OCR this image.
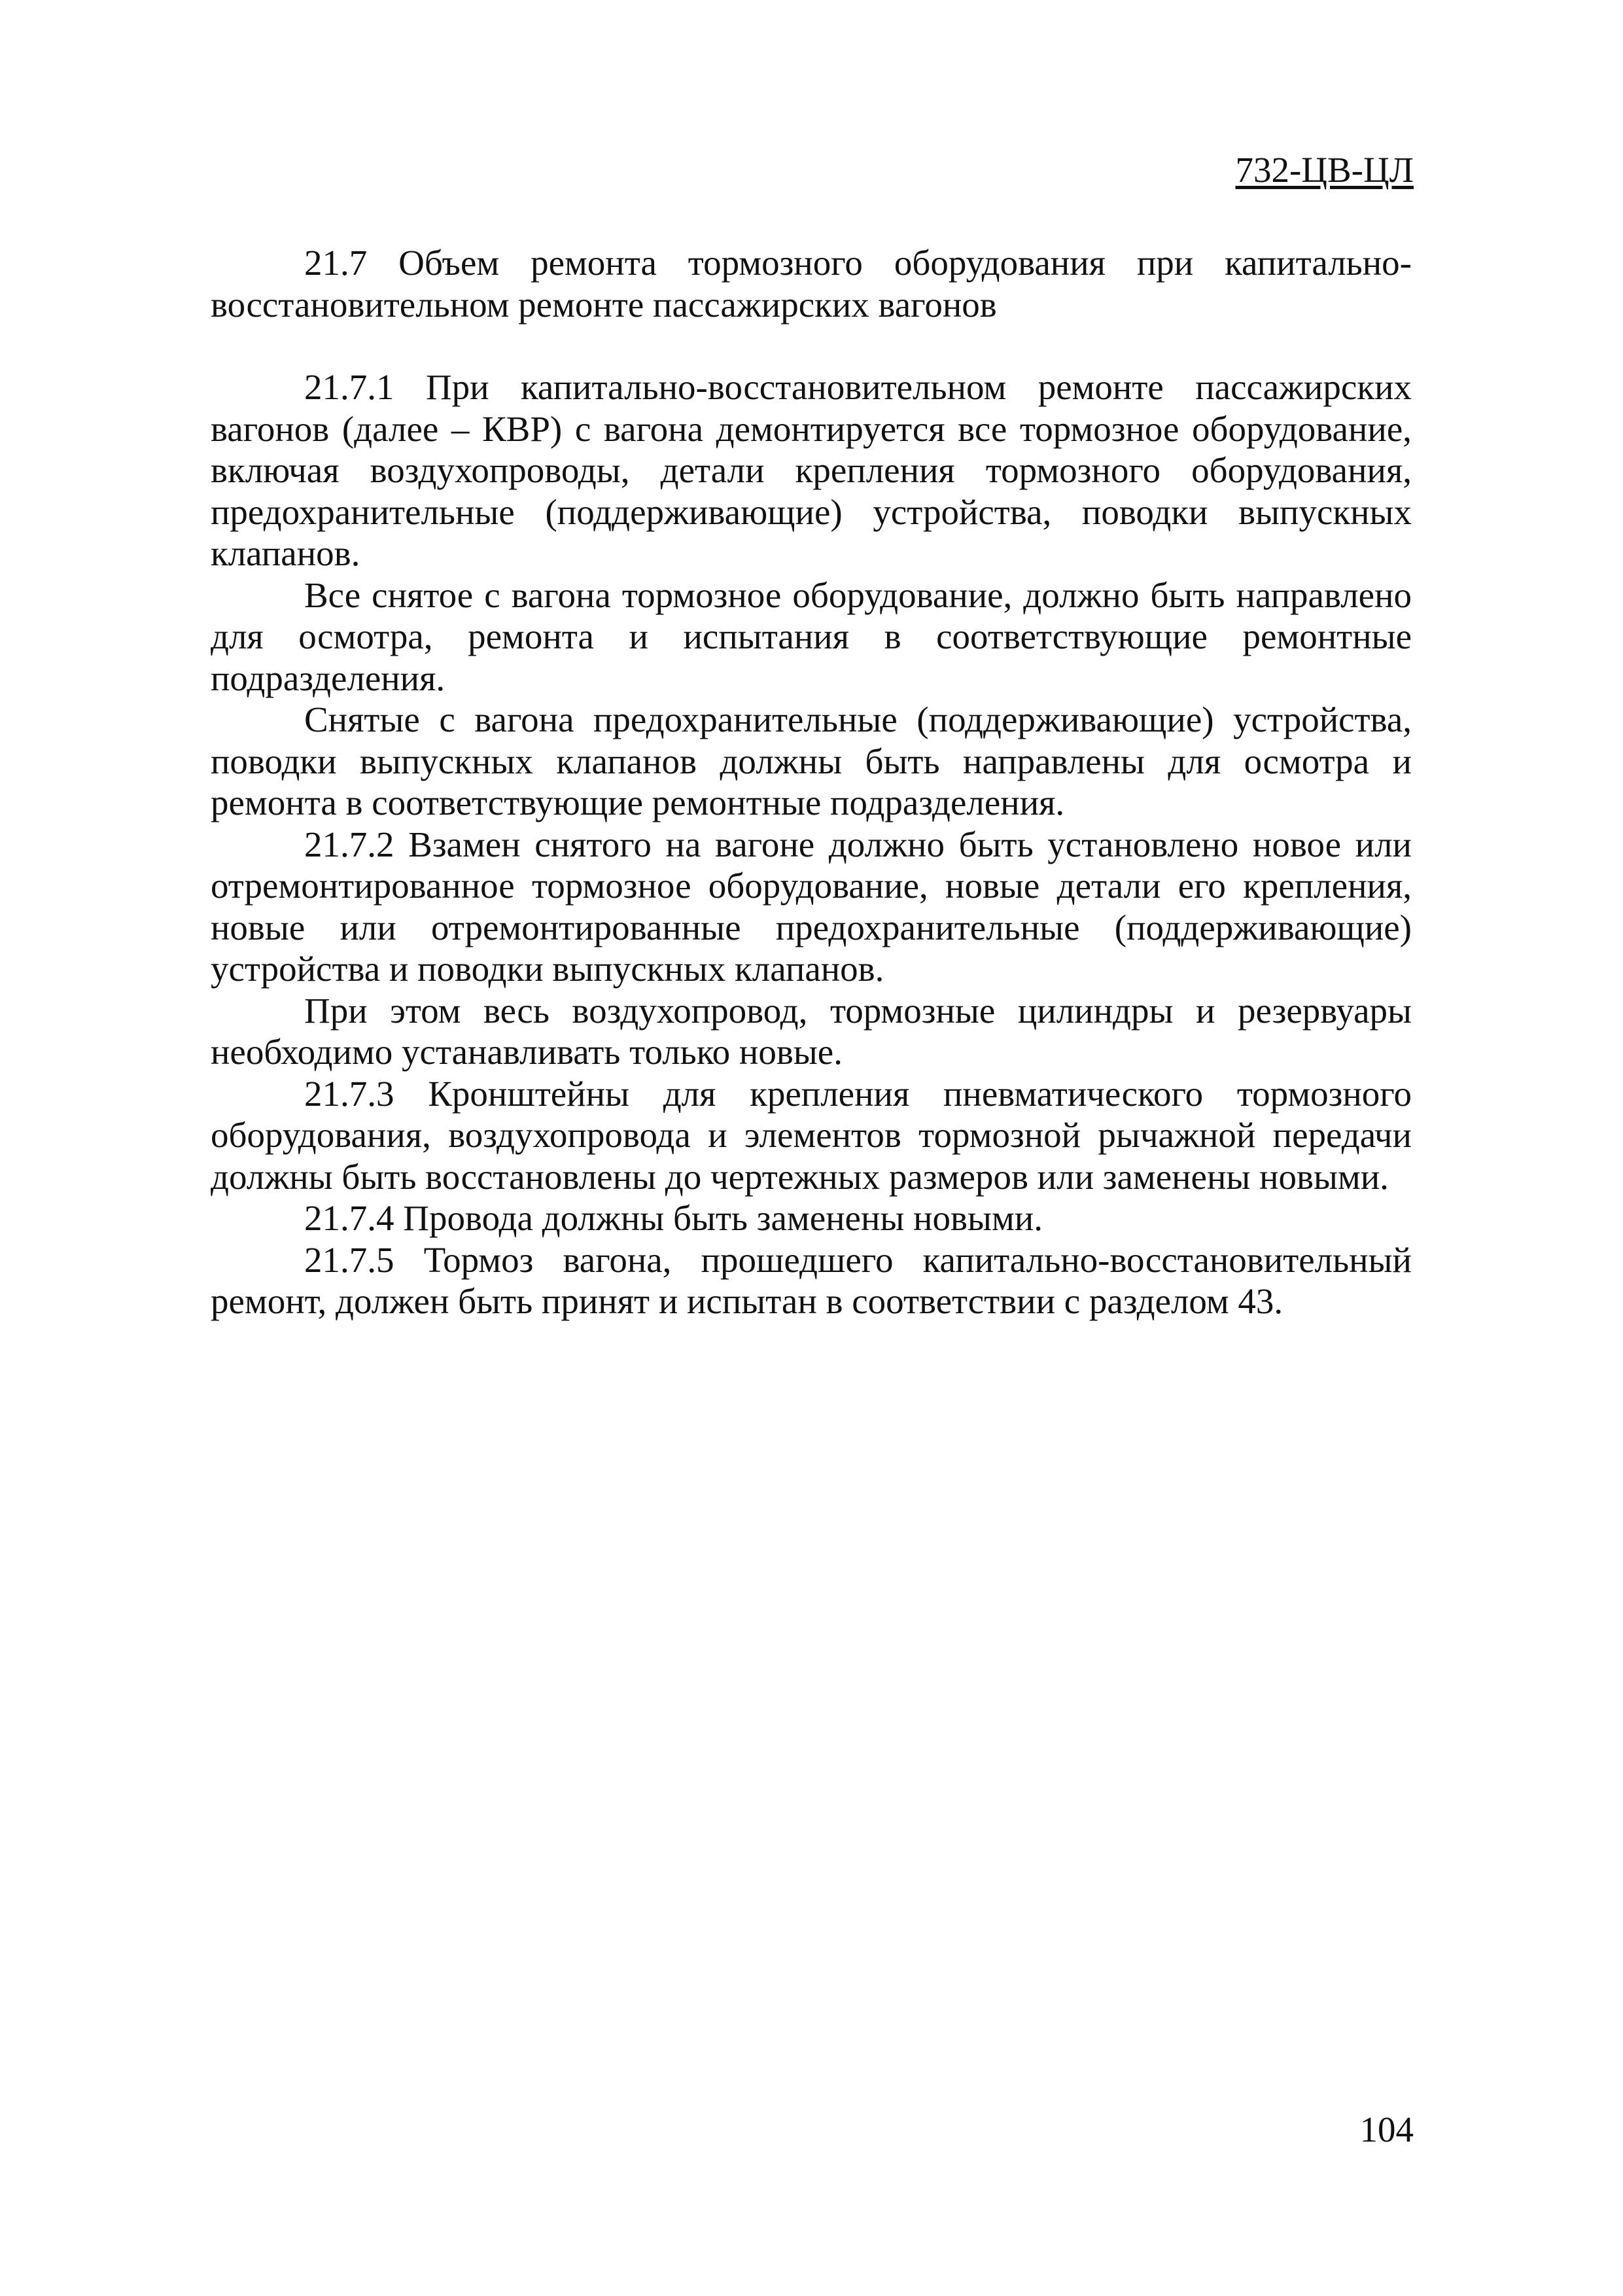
732-ЦВ-ЦЛ

21.7 Объем ремонта тормозного оборудования при капитально-восстановительном ремонте пассажирских вагонов

21.7.1 При капитально-восстановительном ремонте пассажирских вагонов (далее – КВР) с вагона демонтируется все тормозное оборудование, включая воздухопроводы, детали крепления тормозного оборудования, предохранительные (поддерживающие) устройства, поводки выпускных клапанов.

Все снятое с вагона тормозное оборудование, должно быть направлено для осмотра, ремонта и испытания в соответствующие ремонтные подразделения.

Снятые с вагона предохранительные (поддерживающие) устройства, поводки выпускных клапанов должны быть направлены для осмотра и ремонта в соответствующие ремонтные подразделения.

21.7.2 Взамен снятого на вагоне должно быть установлено новое или отремонтированное тормозное оборудование, новые детали его крепления, новые или отремонтированные предохранительные (поддерживающие) устройства и поводки выпускных клапанов.

При этом весь воздухопровод, тормозные цилиндры и резервуары необходимо устанавливать только новые.

21.7.3 Кронштейны для крепления пневматического тормозного оборудования, воздухопровода и элементов тормозной рычажной передачи должны быть восстановлены до чертежных размеров или заменены новыми.

21.7.4 Провода должны быть заменены новыми.

21.7.5 Тормоз вагона, прошедшего капитально-восстановительный ремонт, должен быть принят и испытан в соответствии с разделом 43.

104
